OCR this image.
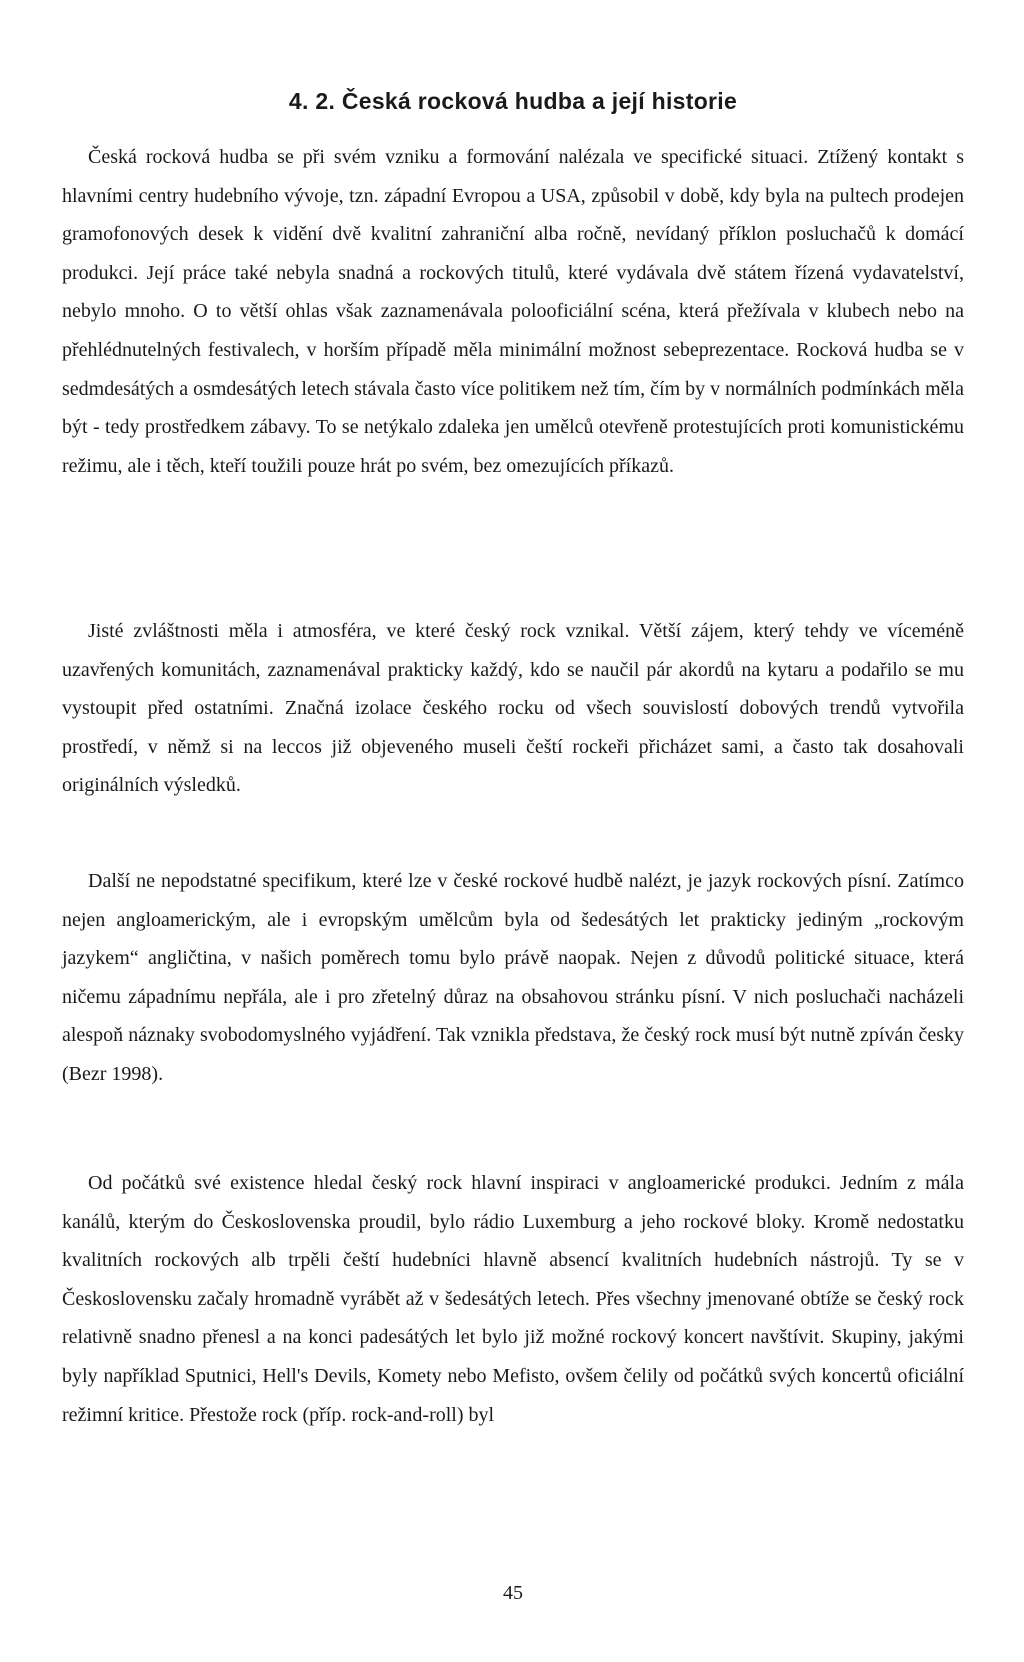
4. 2. Česká rocková hudba a její historie

Česká rocková hudba se při svém vzniku a formování nalézala ve specifické situaci. Ztížený kontakt s hlavními centry hudebního vývoje, tzn. západní Evropou a USA, způsobil v době, kdy byla na pultech prodejen gramofonových desek k vidění dvě kvalitní zahraniční alba ročně, nevídaný příklon posluchačů k domácí produkci. Její práce také nebyla snadná a rockových titulů, které vydávala dvě státem řízená vydavatelství, nebylo mnoho. O to větší ohlas však zaznamenávala polooficiální scéna, která přežívala v klubech nebo na přehlédnutelných festivalech, v horším případě měla minimální možnost sebeprezentace. Rocková hudba se v sedmdesátých a osmdesátých letech stávala často více politikem než tím, čím by v normálních podmínkách měla být - tedy prostředkem zábavy. To se netýkalo zdaleka jen umělců otevřeně protestujících proti komunistickému režimu, ale i těch, kteří toužili pouze hrát po svém, bez omezujících příkazů.

Jisté zvláštnosti měla i atmosféra, ve které český rock vznikal. Větší zájem, který tehdy ve víceméně uzavřených komunitách, zaznamenával prakticky každý, kdo se naučil pár akordů na kytaru a podařilo se mu vystoupit před ostatními. Značná izolace českého rocku od všech souvislostí dobových trendů vytvořila prostředí, v němž si na leccos již objeveného museli čeští rockeři přicházet sami, a často tak dosahovali originálních výsledků.

Další ne nepodstatné specifikum, které lze v české rockové hudbě nalézt, je jazyk rockových písní. Zatímco nejen angloamerickým, ale i evropským umělcům byla od šedesátých let prakticky jediným „rockovým jazykem“ angličtina, v našich poměrech tomu bylo právě naopak. Nejen z důvodů politické situace, která ničemu západnímu nepřála, ale i pro zřetelný důraz na obsahovou stránku písní. V nich posluchači nacházeli alespoň náznaky svobodomyslného vyjádření. Tak vznikla představa, že český rock musí být nutně zpíván česky (Bezr 1998).

Od počátků své existence hledal český rock hlavní inspiraci v angloamerické produkci. Jedním z mála kanálů, kterým do Československa proudil, bylo rádio Luxemburg a jeho rockové bloky. Kromě nedostatku kvalitních rockových alb trpěli čeští hudebníci hlavně absencí kvalitních hudebních nástrojů. Ty se v Československu začaly hromadně vyrábět až v šedesátých letech. Přes všechny jmenované obtíže se český rock relativně snadno přenesl a na konci padesátých let bylo již možné rockový koncert navštívit. Skupiny, jakými byly například Sputnici, Hell's Devils, Komety nebo Mefisto, ovšem čelily od počátků svých koncertů oficiální režimní kritice. Přestože rock (příp. rock-and-roll) byl

45
